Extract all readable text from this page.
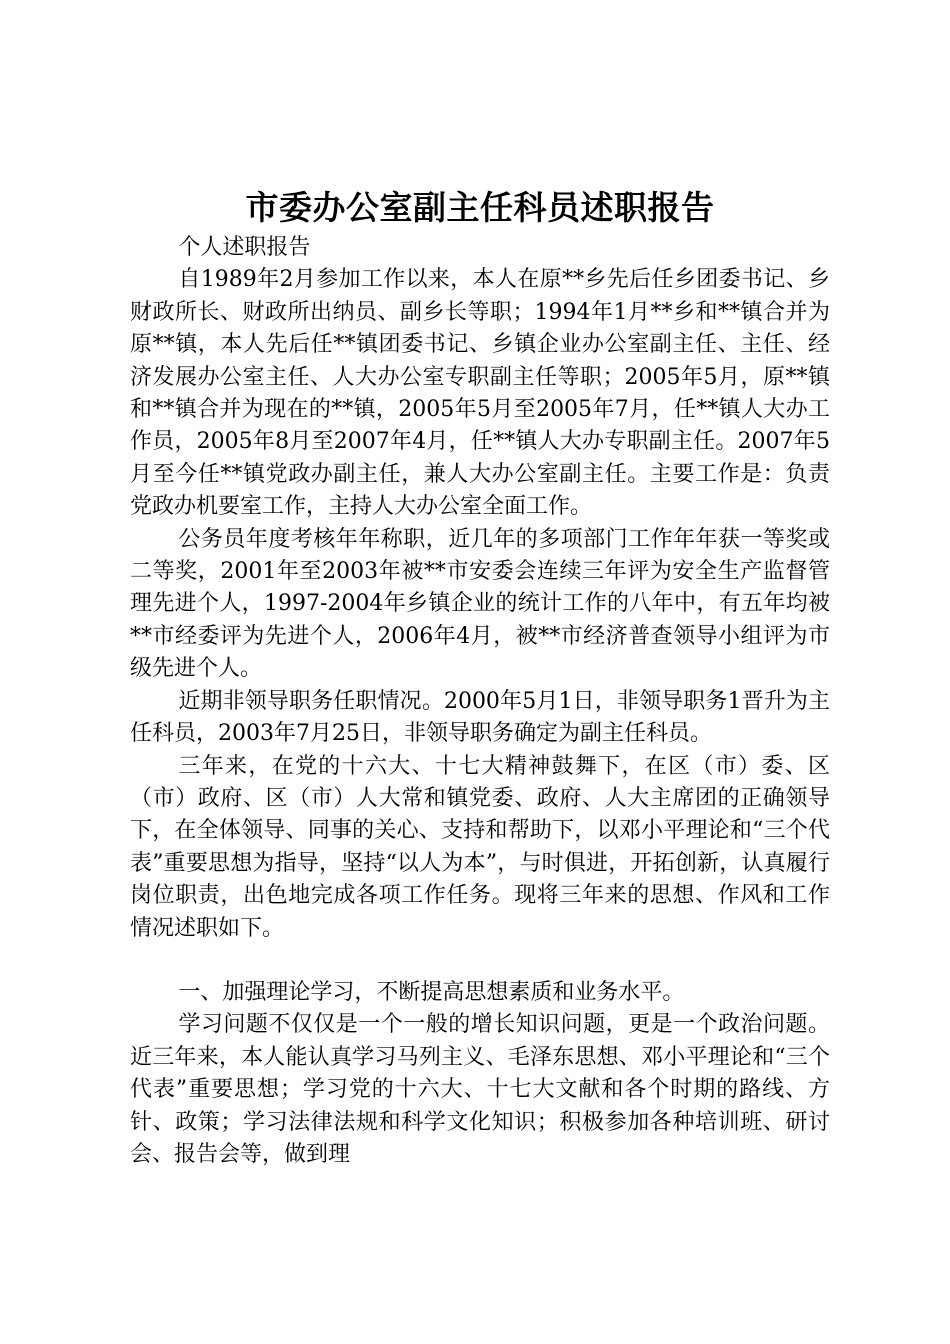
市委办公室副主任科员述职报告

个人述职报告

自1989年2月参加工作以来，本人在原**乡先后任乡团委书记、乡财政所长、财政所出纳员、副乡长等职；1994年1月**乡和**镇合并为原**镇，本人先后任**镇团委书记、乡镇企业办公室副主任、主任、经济发展办公室主任、人大办公室专职副主任等职；2005年5月，原**镇和**镇合并为现在的**镇，2005年5月至2005年7月，任**镇人大办工作员，2005年8月至2007年4月，任**镇人大办专职副主任。2007年5月至今任**镇党政办副主任，兼人大办公室副主任。主要工作是：负责党政办机要室工作，主持人大办公室全面工作。

公务员年度考核年年称职，近几年的多项部门工作年年获一等奖或二等奖，2001年至2003年被**市安委会连续三年评为安全生产监督管理先进个人，1997-2004年乡镇企业的统计工作的八年中，有五年均被**市经委评为先进个人，2006年4月，被**市经济普查领导小组评为市级先进个人。

近期非领导职务任职情况。2000年5月1日，非领导职务1晋升为主任科员，2003年7月25日，非领导职务确定为副主任科员。

三年来，在党的十六大、十七大精神鼓舞下，在区（市）委、区（市）政府、区（市）人大常和镇党委、政府、人大主席团的正确领导下，在全体领导、同事的关心、支持和帮助下，以邓小平理论和“三个代表”重要思想为指导，坚持“以人为本”，与时俱进，开拓创新，认真履行岗位职责，出色地完成各项工作任务。现将三年来的思想、作风和工作情况述职如下。

一、加强理论学习，不断提高思想素质和业务水平。

学习问题不仅仅是一个一般的增长知识问题，更是一个政治问题。近三年来，本人能认真学习马列主义、毛泽东思想、邓小平理论和“三个代表”重要思想；学习党的十六大、十七大文献和各个时期的路线、方针、政策；学习法律法规和科学文化知识；积极参加各种培训班、研讨会、报告会等，做到理
